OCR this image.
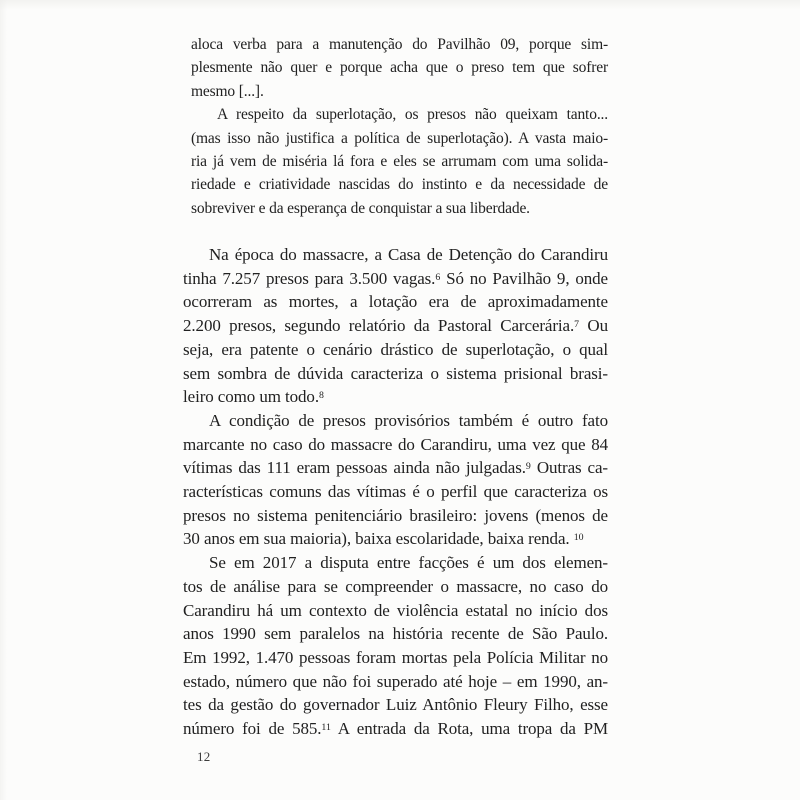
aloca verba para a manutenção do Pavilhão 09, porque sim-
plesmente não quer e porque acha que o preso tem que sofrer
mesmo [...].
A respeito da superlotação, os presos não queixam tanto...
(mas isso não justifica a política de superlotação). A vasta maio-
ria já vem de miséria lá fora e eles se arrumam com uma solida-
riedade e criatividade nascidas do instinto e da necessidade de
sobreviver e da esperança de conquistar a sua liberdade.
Na época do massacre, a Casa de Detenção do Carandiru
tinha 7.257 presos para 3.500 vagas.$^6$ Só no Pavilhão 9, onde
ocorreram as mortes, a lotação era de aproximadamente
2.200 presos, segundo relatório da Pastoral Carcerária.$^7$ Ou
seja, era patente o cenário drástico de superlotação, o qual
sem sombra de dúvida caracteriza o sistema prisional brasi-
leiro como um todo.$^8$
A condição de presos provisórios também é outro fato
marcante no caso do massacre do Carandiru, uma vez que 84
vítimas das 111 eram pessoas ainda não julgadas.$^9$ Outras ca-
racterísticas comuns das vítimas é o perfil que caracteriza os
presos no sistema penitenciário brasileiro: jovens (menos de
30 anos em sua maioria), baixa escolaridade, baixa renda. $^{10}$
Se em 2017 a disputa entre facções é um dos elemen-
tos de análise para se compreender o massacre, no caso do
Carandiru há um contexto de violência estatal no início dos
anos 1990 sem paralelos na história recente de São Paulo.
Em 1992, 1.470 pessoas foram mortas pela Polícia Militar no
estado, número que não foi superado até hoje – em 1990, an-
tes da gestão do governador Luiz Antônio Fleury Filho, esse
número foi de 585.11 A entrada da Rota, uma tropa da PM
12
